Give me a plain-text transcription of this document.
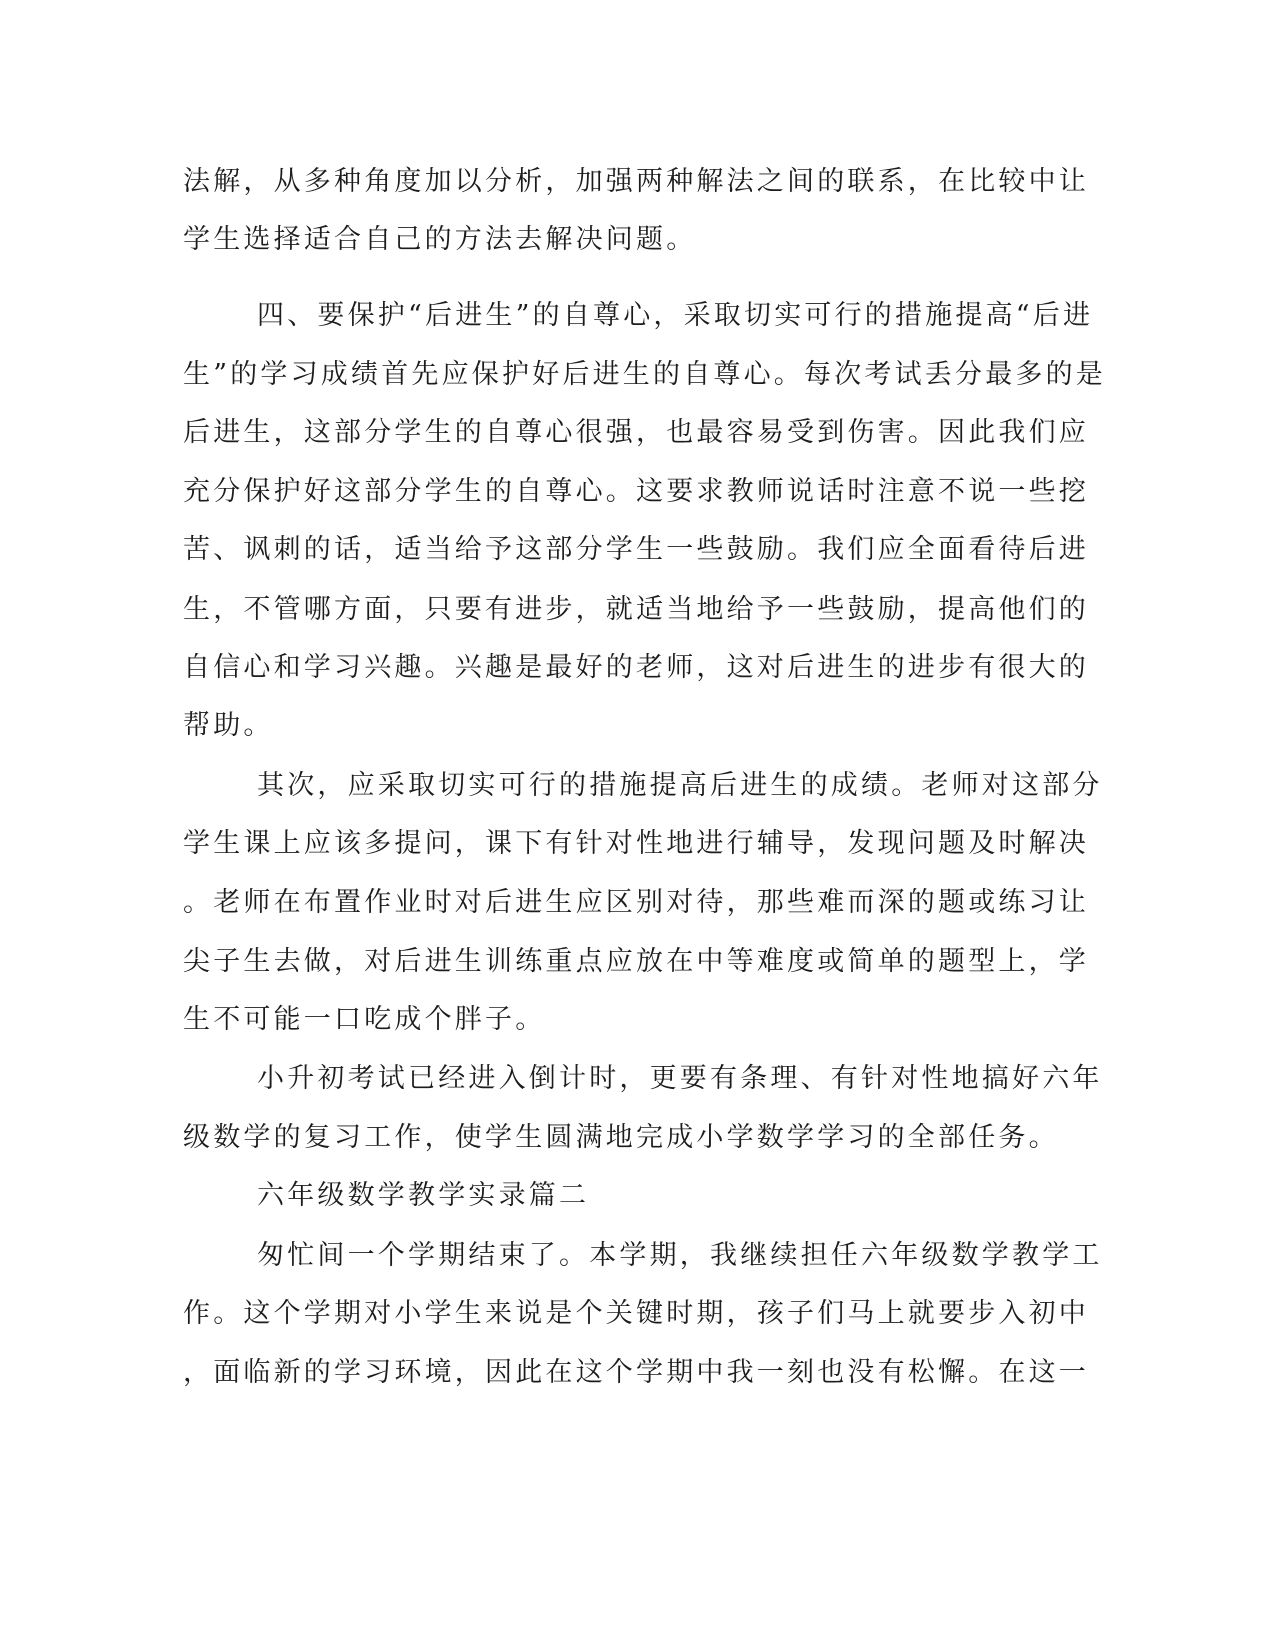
法解，从多种角度加以分析，加强两种解法之间的联系，在比较中让
学生选择适合自己的方法去解决问题。
四、要保护“后进生”的自尊心，采取切实可行的措施提高“后进
生”的学习成绩首先应保护好后进生的自尊心。每次考试丢分最多的是
后进生，这部分学生的自尊心很强，也最容易受到伤害。因此我们应
充分保护好这部分学生的自尊心。这要求教师说话时注意不说一些挖
苦、讽刺的话，适当给予这部分学生一些鼓励。我们应全面看待后进
生，不管哪方面，只要有进步，就适当地给予一些鼓励，提高他们的
自信心和学习兴趣。兴趣是最好的老师，这对后进生的进步有很大的
帮助。
其次，应采取切实可行的措施提高后进生的成绩。老师对这部分
学生课上应该多提问，课下有针对性地进行辅导，发现问题及时解决
。老师在布置作业时对后进生应区别对待，那些难而深的题或练习让
尖子生去做，对后进生训练重点应放在中等难度或简单的题型上，学
生不可能一口吃成个胖子。
小升初考试已经进入倒计时，更要有条理、有针对性地搞好六年
级数学的复习工作，使学生圆满地完成小学数学学习的全部任务。
六年级数学教学实录篇二
匆忙间一个学期结束了。本学期，我继续担任六年级数学教学工
作。这个学期对小学生来说是个关键时期，孩子们马上就要步入初中
，面临新的学习环境，因此在这个学期中我一刻也没有松懈。在这一
